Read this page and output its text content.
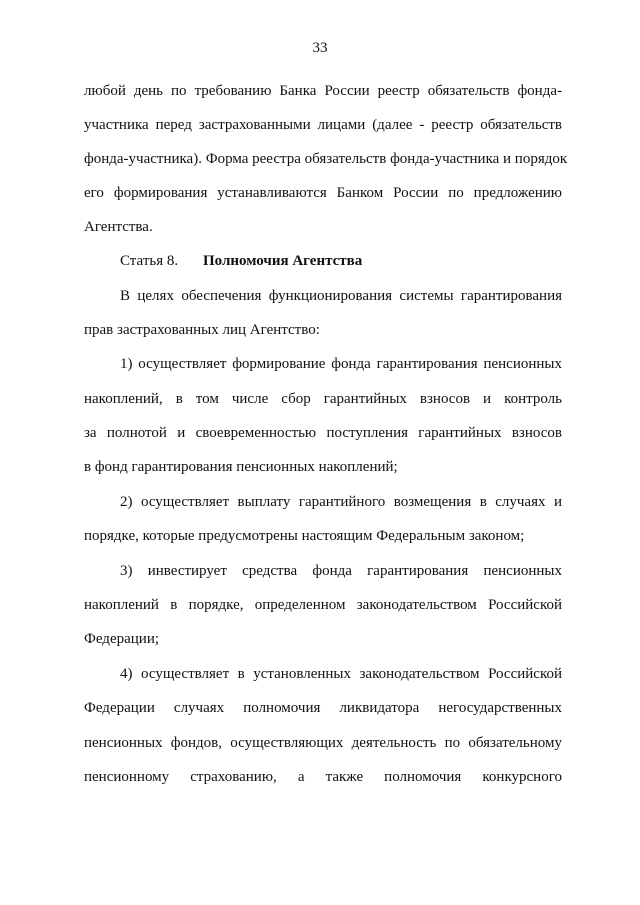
33
любой день по требованию Банка России реестр обязательств фонда-
участника перед застрахованными лицами (далее - реестр обязательств
фонда-участника). Форма реестра обязательств фонда-участника и порядок
его формирования устанавливаются Банком России по предложению
Агентства.
Статья 8. Полномочия Агентства
В целях обеспечения функционирования системы гарантирования
прав застрахованных лиц Агентство:
1) осуществляет формирование фонда гарантирования пенсионных
накоплений, в том числе сбор гарантийных взносов и контроль
за полнотой и своевременностью поступления гарантийных взносов
в фонд гарантирования пенсионных накоплений;
2) осуществляет выплату гарантийного возмещения в случаях и
порядке, которые предусмотрены настоящим Федеральным законом;
3) инвестирует средства фонда гарантирования пенсионных
накоплений в порядке, определенном законодательством Российской
Федерации;
4) осуществляет в установленных законодательством Российской
Федерации случаях полномочия ликвидатора негосударственных
пенсионных фондов, осуществляющих деятельность по обязательному
пенсионному страхованию, а также полномочия конкурсного
